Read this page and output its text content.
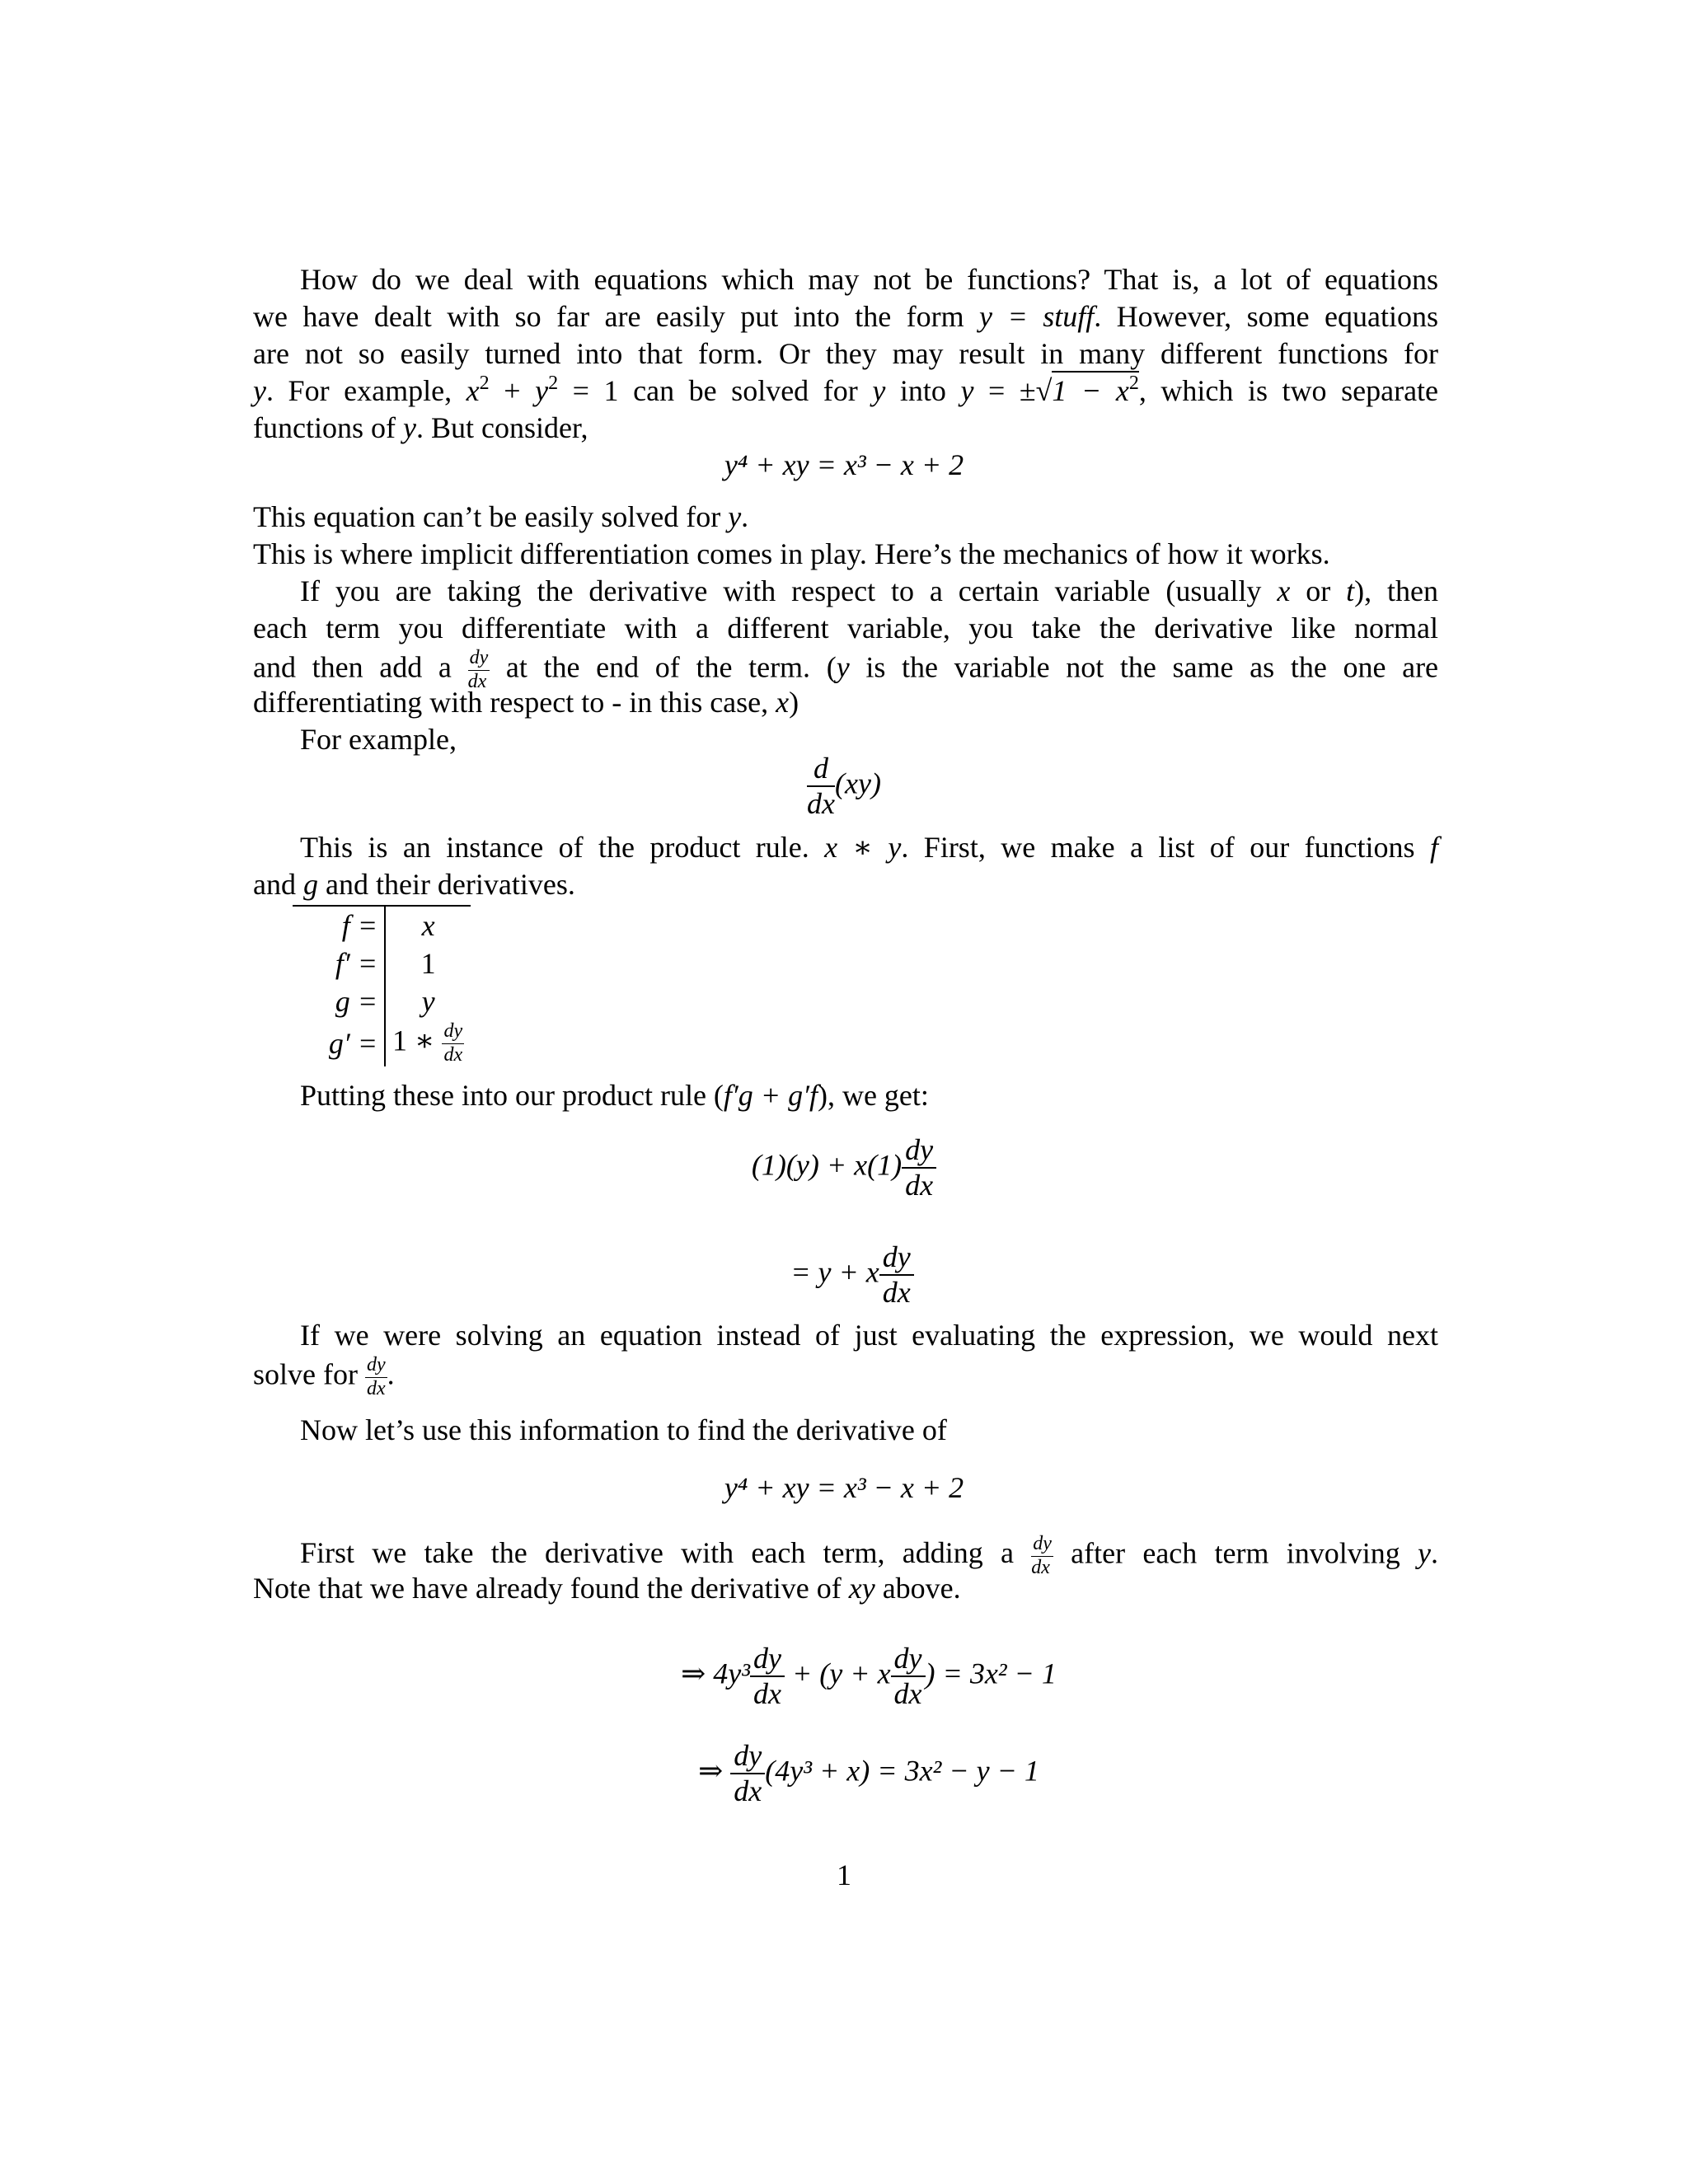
How do we deal with equations which may not be functions? That is, a lot of equations
we have dealt with so far are easily put into the form y = stuff. However, some equations
are not so easily turned into that form. Or they may result in many different functions for
y. For example, $x^2 + y^2 = 1$ can be solved for y into $y = \pm√1 - x^2$, which is two separate
functions of y. But consider,
y⁴ + xy = x³ − x + 2
This equation can’t be easily solved for y.
This is where implicit differentiation comes in play. Here’s the mechanics of how it works.
If you are taking the derivative with respect to a certain variable (usually x or t), then
each term you differentiate with a different variable, you take the derivative like normal
and then add a $\frac{dy}{dx}$ at the end of the term. (y is the variable not the same as the one are
differentiating with respect to - in this case, x)
For example,
$\frac{d}{dx} (xy)$
This is an instance of the product rule. x ∗ y. First, we make a list of our functions f
and g and their derivatives.
f =	x
f′ =	1
g =	y
g′ =	1 ∗ $\frac{dy}{dx}$
Putting these into our product rule (f′g + g′f), we get:
$(1)(y) + x(1) \frac{dy}{dx}$
= y + x $\frac{dy}{dx}$
If we were solving an equation instead of just evaluating the expression, we would next
solve for $\frac{dy}{dx}$ .
Now let’s use this information to find the derivative of
y⁴ + xy = x³ − x + 2
First we take the derivative with each term, adding a $\frac{dy}{dx}$ after each term involving y.
Note that we have already found the derivative of xy above.
⇒ $4y^3 \frac{dy}{dx} + (y + x \frac{dy}{dx}$ ) = 3x² − 1
⇒ $\frac{dy}{dx} (4y^3 + x) = 3x^2 - y - 1$
1
